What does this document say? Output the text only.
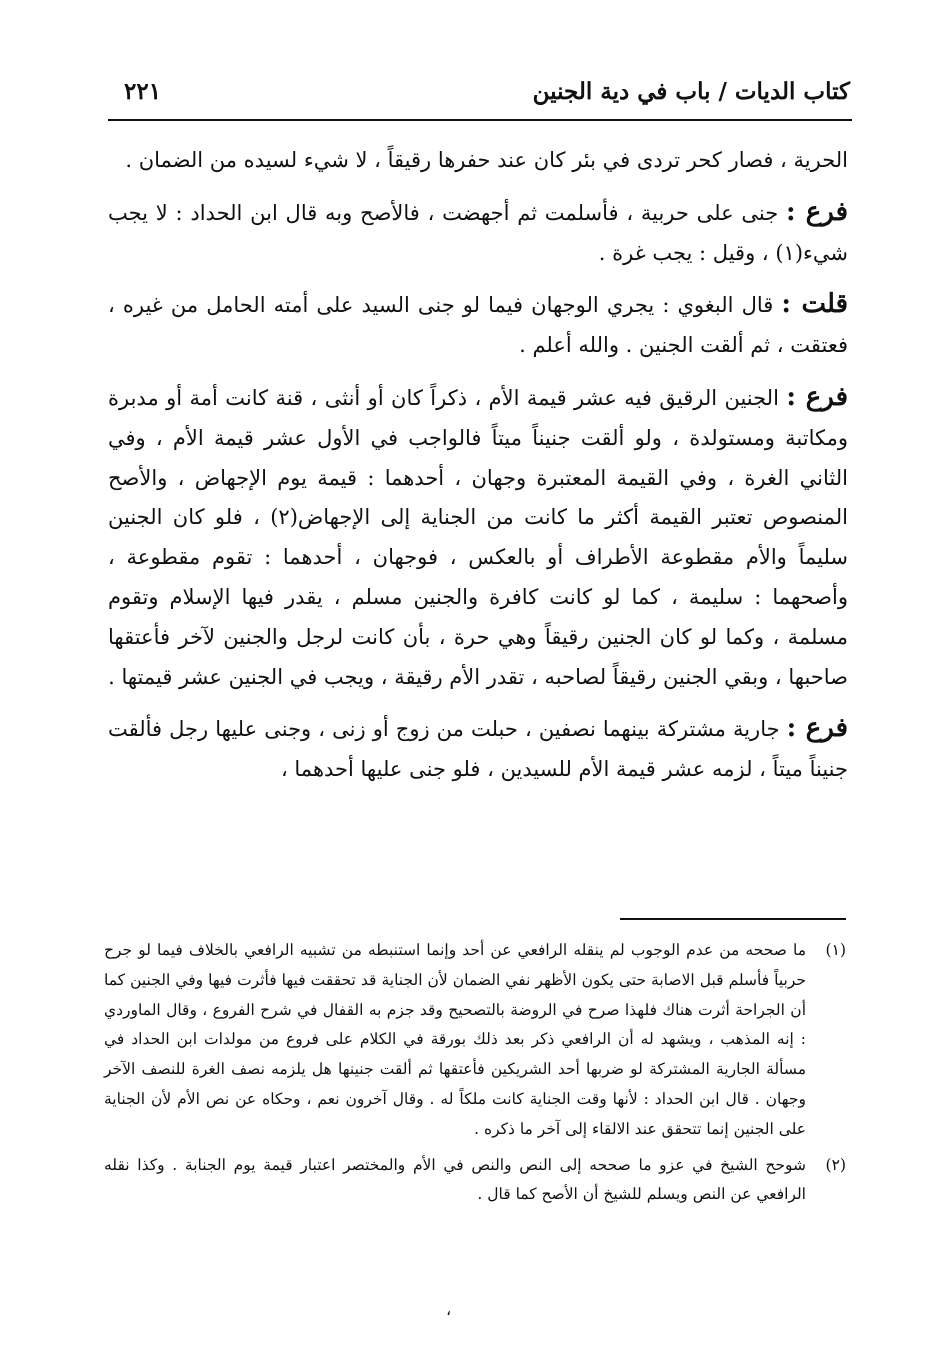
كتاب الديات / باب في دية الجنين
٢٢١

الحرية ، فصار كحر تردى في بئر كان عند حفرها رقيقاً ، لا شيء لسيده من الضمان .

فرع : جنى على حربية ، فأسلمت ثم أجهضت ، فالأصح وبه قال ابن الحداد : لا يجب شيء(١) ، وقيل : يجب غرة .

قلت : قال البغوي : يجري الوجهان فيما لو جنى السيد على أمته الحامل من غيره ، فعتقت ، ثم ألقت الجنين . والله أعلم .

فرع : الجنين الرقيق فيه عشر قيمة الأم ، ذكراً كان أو أنثى ، قنة كانت أمة أو مدبرة ومكاتبة ومستولدة ، ولو ألقت جنيناً ميتاً فالواجب في الأول عشر قيمة الأم ، وفي الثاني الغرة ، وفي القيمة المعتبرة وجهان ، أحدهما : قيمة يوم الإجهاض ، والأصح المنصوص تعتبر القيمة أكثر ما كانت من الجناية إلى الإجهاض(٢) ، فلو كان الجنين سليماً والأم مقطوعة الأطراف أو بالعكس ، فوجهان ، أحدهما : تقوم مقطوعة ، وأصحهما : سليمة ، كما لو كانت كافرة والجنين مسلم ، يقدر فيها الإسلام وتقوم مسلمة ، وكما لو كان الجنين رقيقاً وهي حرة ، بأن كانت لرجل والجنين لآخر فأعتقها صاحبها ، وبقي الجنين رقيقاً لصاحبه ، تقدر الأم رقيقة ، ويجب في الجنين عشر قيمتها .

فرع : جارية مشتركة بينهما نصفين ، حبلت من زوج أو زنى ، وجنى عليها رجل فألقت جنيناً ميتاً ، لزمه عشر قيمة الأم للسيدين ، فلو جنى عليها أحدهما ،

(١)
ما صححه من عدم الوجوب لم ينقله الرافعي عن أحد وإنما استنبطه من تشبيه الرافعي بالخلاف فيما لو جرح حربياً فأسلم قبل الاصابة حتى يكون الأظهر نفي الضمان لأن الجناية قد تحققت فيها فأثرت فيها وفي الجنين كما أن الجراحة أثرت هناك فلهذا صرح في الروضة بالتصحيح وقد جزم به القفال في شرح الفروع ، وقال الماوردي : إنه المذهب ، ويشهد له أن الرافعي ذكر بعد ذلك بورقة في الكلام على فروع من مولدات ابن الحداد في مسألة الجارية المشتركة لو ضربها أحد الشريكين فأعتقها ثم ألقت جنينها هل يلزمه نصف الغرة للنصف الآخر وجهان . قال ابن الحداد : لأنها وقت الجناية كانت ملكاً له . وقال آخرون نعم ، وحكاه عن نص الأم لأن الجناية على الجنين إنما تتحقق عند الالقاء إلى آخر ما ذكره .
(٢)
شوحح الشيخ في عزو ما صححه إلى النص والنص في الأم والمختصر اعتبار قيمة يوم الجنابة . وكذا نقله الرافعي عن النص ويسلم للشيخ أن الأصح كما قال .
،
